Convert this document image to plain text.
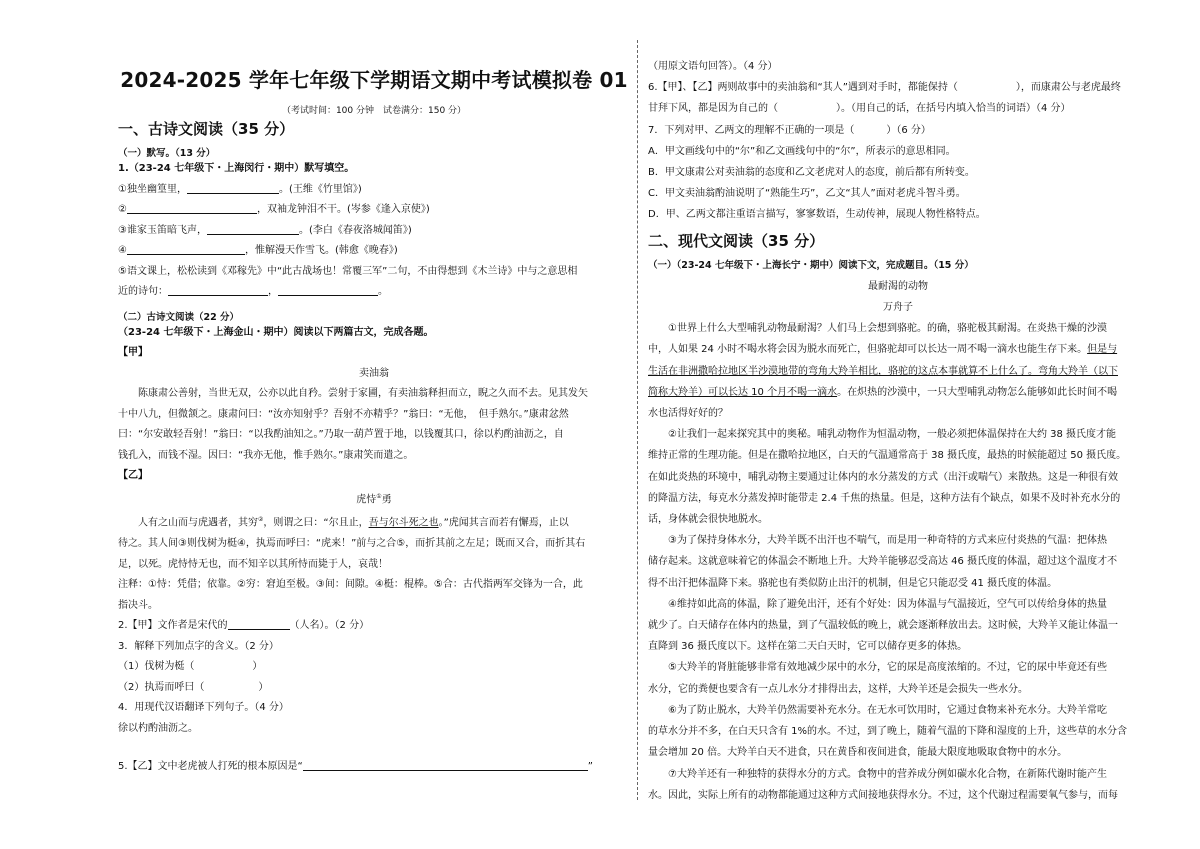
2024-2025 学年七年级下学期语文期中考试模拟卷 01
（考试时间：100 分钟　试卷满分：150 分）
一、古诗文阅读（35 分）
（一）默写。（13 分）
1.（23-24 七年级下・上海闵行・期中）默写填空。
①独坐幽篁里，	。(王维《竹里馆》)
②	，双袖龙钟泪不干。(岑参《逢入京使》)
③谁家玉笛暗飞声，	。(李白《春夜洛城闻笛》)
④	，惟解漫天作雪飞。(韩愈《晚春》)
⑤语文课上，松松读到《邓稼先》中“此古战场也！常覆三军”二句，不由得想到《木兰诗》中与之意思相
近的诗句：	，	。
（二）古诗文阅读（22 分）
（23-24 七年级下・上海金山・期中）阅读以下两篇古文，完成各题。
【甲】
卖油翁
陈康肃公善射，当世无双，公亦以此自矜。尝射于家圃，有卖油翁释担而立，睨之久而不去。见其发矢
十中八九，但微颔之。康肃问曰：“汝亦知射乎？吾射不亦精乎？”翁曰：“无他，　但手熟尔。”康肃忿然
曰：“尔安敢轻吾射！”翁曰：“以我酌油知之。”乃取一葫芦置于地，以钱覆其口，徐以杓酌油沥之，自
钱孔入，而钱不湿。因曰：“我亦无他，惟手熟尔。”康肃笑而遣之。
【乙】
虎恃①勇
人有之山而与虎遇者，其穷②，则谓之曰：“尔且止，吾与尔斗死之也。”虎闻其言而若有懈焉，止以
待之。其人间③则伐树为梃④，执焉而呼曰：“虎来！”前与之合⑤，而折其前之左足；既而又合，而折其右
足，以死。虎恃恃无也，而不知辛以其所恃而毙于人，哀哉！
注释：①恃：凭借；依靠。②穷：窘迫至极。③间：间隙。④梃：棍棒。⑤合：古代指两军交锋为一合，此
指决斗。
2.【甲】文作者是宋代的	（人名）。（2 分）
3．解释下列加点字的含义。（2 分）
（1）伐树为梃（	）
（2）执焉而呼曰（	）
4．用现代汉语翻译下列句子。（4 分）
徐以杓酌油沥之。
5.【乙】文中老虎被人打死的根本原因是“	”
（用原文语句回答）。（4 分）
6.【甲】、【乙】两则故事中的卖油翁和“其人”遇到对手时，都能保持（	），而康肃公与老虎最终
甘拜下风，都是因为自己的（	）。（用自己的话，在括号内填入恰当的词语）（4 分）
7．下列对甲、乙两文的理解不正确的一项是（	）（6 分）
A．甲文画线句中的“尔”和乙文画线句中的“尔”，所表示的意思相同。
B．甲文康肃公对卖油翁的态度和乙文老虎对人的态度，前后都有所转变。
C．甲文卖油翁酌油说明了“熟能生巧”，乙文“其人”面对老虎斗智斗勇。
D．甲、乙两文都注重语言描写，寥寥数语，生动传神，展现人物性格特点。
二、现代文阅读（35 分）
（一）（23-24 七年级下・上海长宁・期中）阅读下文，完成题目。（15 分）
最耐渴的动物
万舟子
①世界上什么大型哺乳动物最耐渴？人们马上会想到骆驼。的确，骆驼极其耐渴。在炎热干燥的沙漠
中，人如果 24 小时不喝水将会因为脱水而死亡，但骆驼却可以长达一周不喝一滴水也能生存下来。但是与
生活在非洲撒哈拉地区半沙漠地带的弯角大羚羊相比，骆驼的这点本事就算不上什么了。弯角大羚羊（以下
简称大羚羊）可以长达 10 个月不喝一滴水。在炽热的沙漠中，一只大型哺乳动物怎么能够如此长时间不喝
水也活得好好的？
②让我们一起来探究其中的奥秘。哺乳动物作为恒温动物，一般必须把体温保持在大约 38 摄氏度才能
维持正常的生理功能。但是在撒哈拉地区，白天的气温通常高于 38 摄氏度，最热的时候能超过 50 摄氏度。
在如此炎热的环境中，哺乳动物主要通过让体内的水分蒸发的方式（出汗或喘气）来散热。这是一种很有效
的降温方法，每克水分蒸发掉时能带走 2.4 千焦的热量。但是，这种方法有个缺点，如果不及时补充水分的
话，身体就会很快地脱水。
③为了保持身体水分，大羚羊既不出汗也不喘气，而是用一种奇特的方式来应付炎热的气温：把体热
储存起来。这就意味着它的体温会不断地上升。大羚羊能够忍受高达 46 摄氏度的体温，超过这个温度才不
得不出汗把体温降下来。骆驼也有类似防止出汗的机制，但是它只能忍受 41 摄氏度的体温。
④维持如此高的体温，除了避免出汗，还有个好处：因为体温与气温接近，空气可以传给身体的热量
就少了。白天储存在体内的热量，到了气温较低的晚上，就会逐渐释放出去。这时候，大羚羊又能让体温一
直降到 36 摄氏度以下。这样在第二天白天时，它可以储存更多的体热。
⑤大羚羊的肾脏能够非常有效地减少尿中的水分，它的尿是高度浓缩的。不过，它的尿中毕竟还有些
水分，它的粪便也要含有一点儿水分才排得出去，这样，大羚羊还是会损失一些水分。
⑥为了防止脱水，大羚羊仍然需要补充水分。在无水可饮用时，它通过食物来补充水分。大羚羊常吃
的草水分并不多，在白天只含有 1%的水。不过，到了晚上，随着气温的下降和湿度的上升，这些草的水分含
量会增加 20 倍。大羚羊白天不进食，只在黄昏和夜间进食，能最大限度地吸取食物中的水分。
⑦大羚羊还有一种独特的获得水分的方式。食物中的营养成分例如碳水化合物，在新陈代谢时能产生
水。因此，实际上所有的动物都能通过这种方式间接地获得水分。不过，这个代谢过程需要氧气参与，而每
